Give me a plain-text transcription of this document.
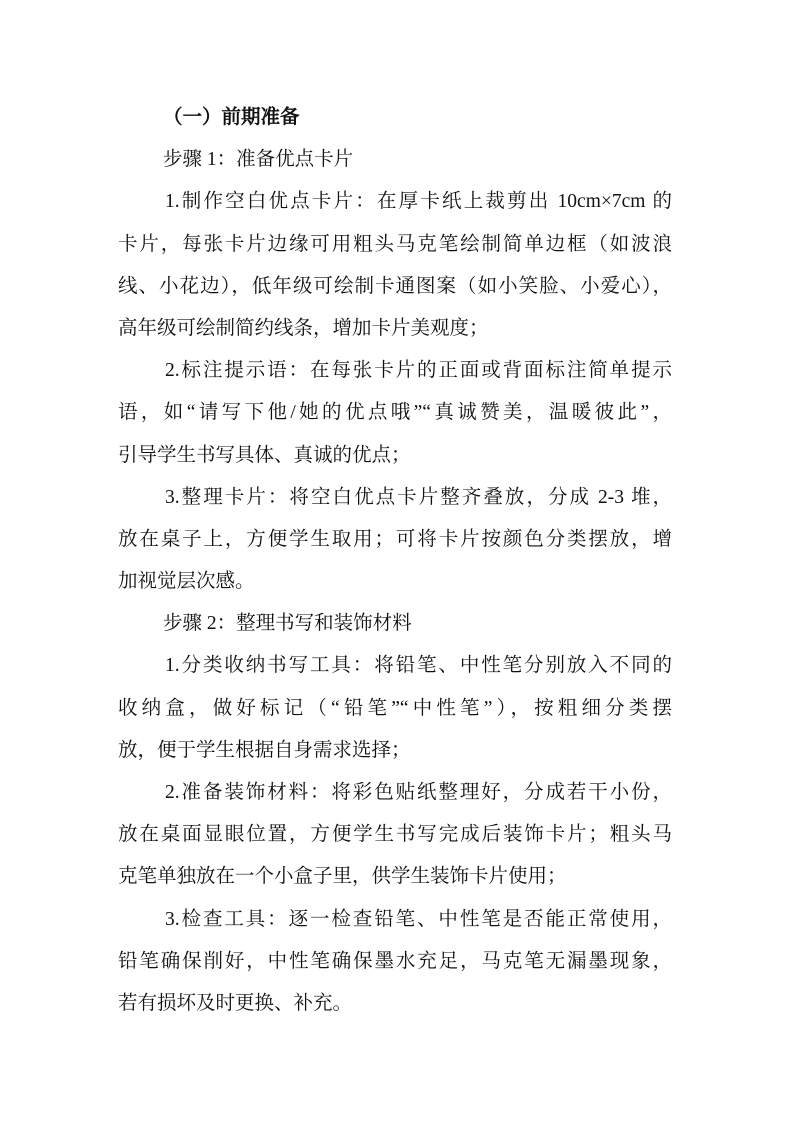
（一）前期准备
步骤 1：准备优点卡片
1.制作空白优点卡片：在厚卡纸上裁剪出 10cm×7cm 的
卡片，每张卡片边缘可用粗头马克笔绘制简单边框（如波浪
线、小花边），低年级可绘制卡通图案（如小笑脸、小爱心），
高年级可绘制简约线条，增加卡片美观度；
2.标注提示语：在每张卡片的正面或背面标注简单提示
语，如“请写下他/她的优点哦”“真诚赞美，温暖彼此”，
引导学生书写具体、真诚的优点；
3.整理卡片：将空白优点卡片整齐叠放，分成 2-3 堆，
放在桌子上，方便学生取用；可将卡片按颜色分类摆放，增
加视觉层次感。
步骤 2：整理书写和装饰材料
1.分类收纳书写工具：将铅笔、中性笔分别放入不同的
收纳盒，做好标记（“铅笔”“中性笔”），按粗细分类摆
放，便于学生根据自身需求选择；
2.准备装饰材料：将彩色贴纸整理好，分成若干小份，
放在桌面显眼位置，方便学生书写完成后装饰卡片；粗头马
克笔单独放在一个小盒子里，供学生装饰卡片使用；
3.检查工具：逐一检查铅笔、中性笔是否能正常使用，
铅笔确保削好，中性笔确保墨水充足，马克笔无漏墨现象，
若有损坏及时更换、补充。
